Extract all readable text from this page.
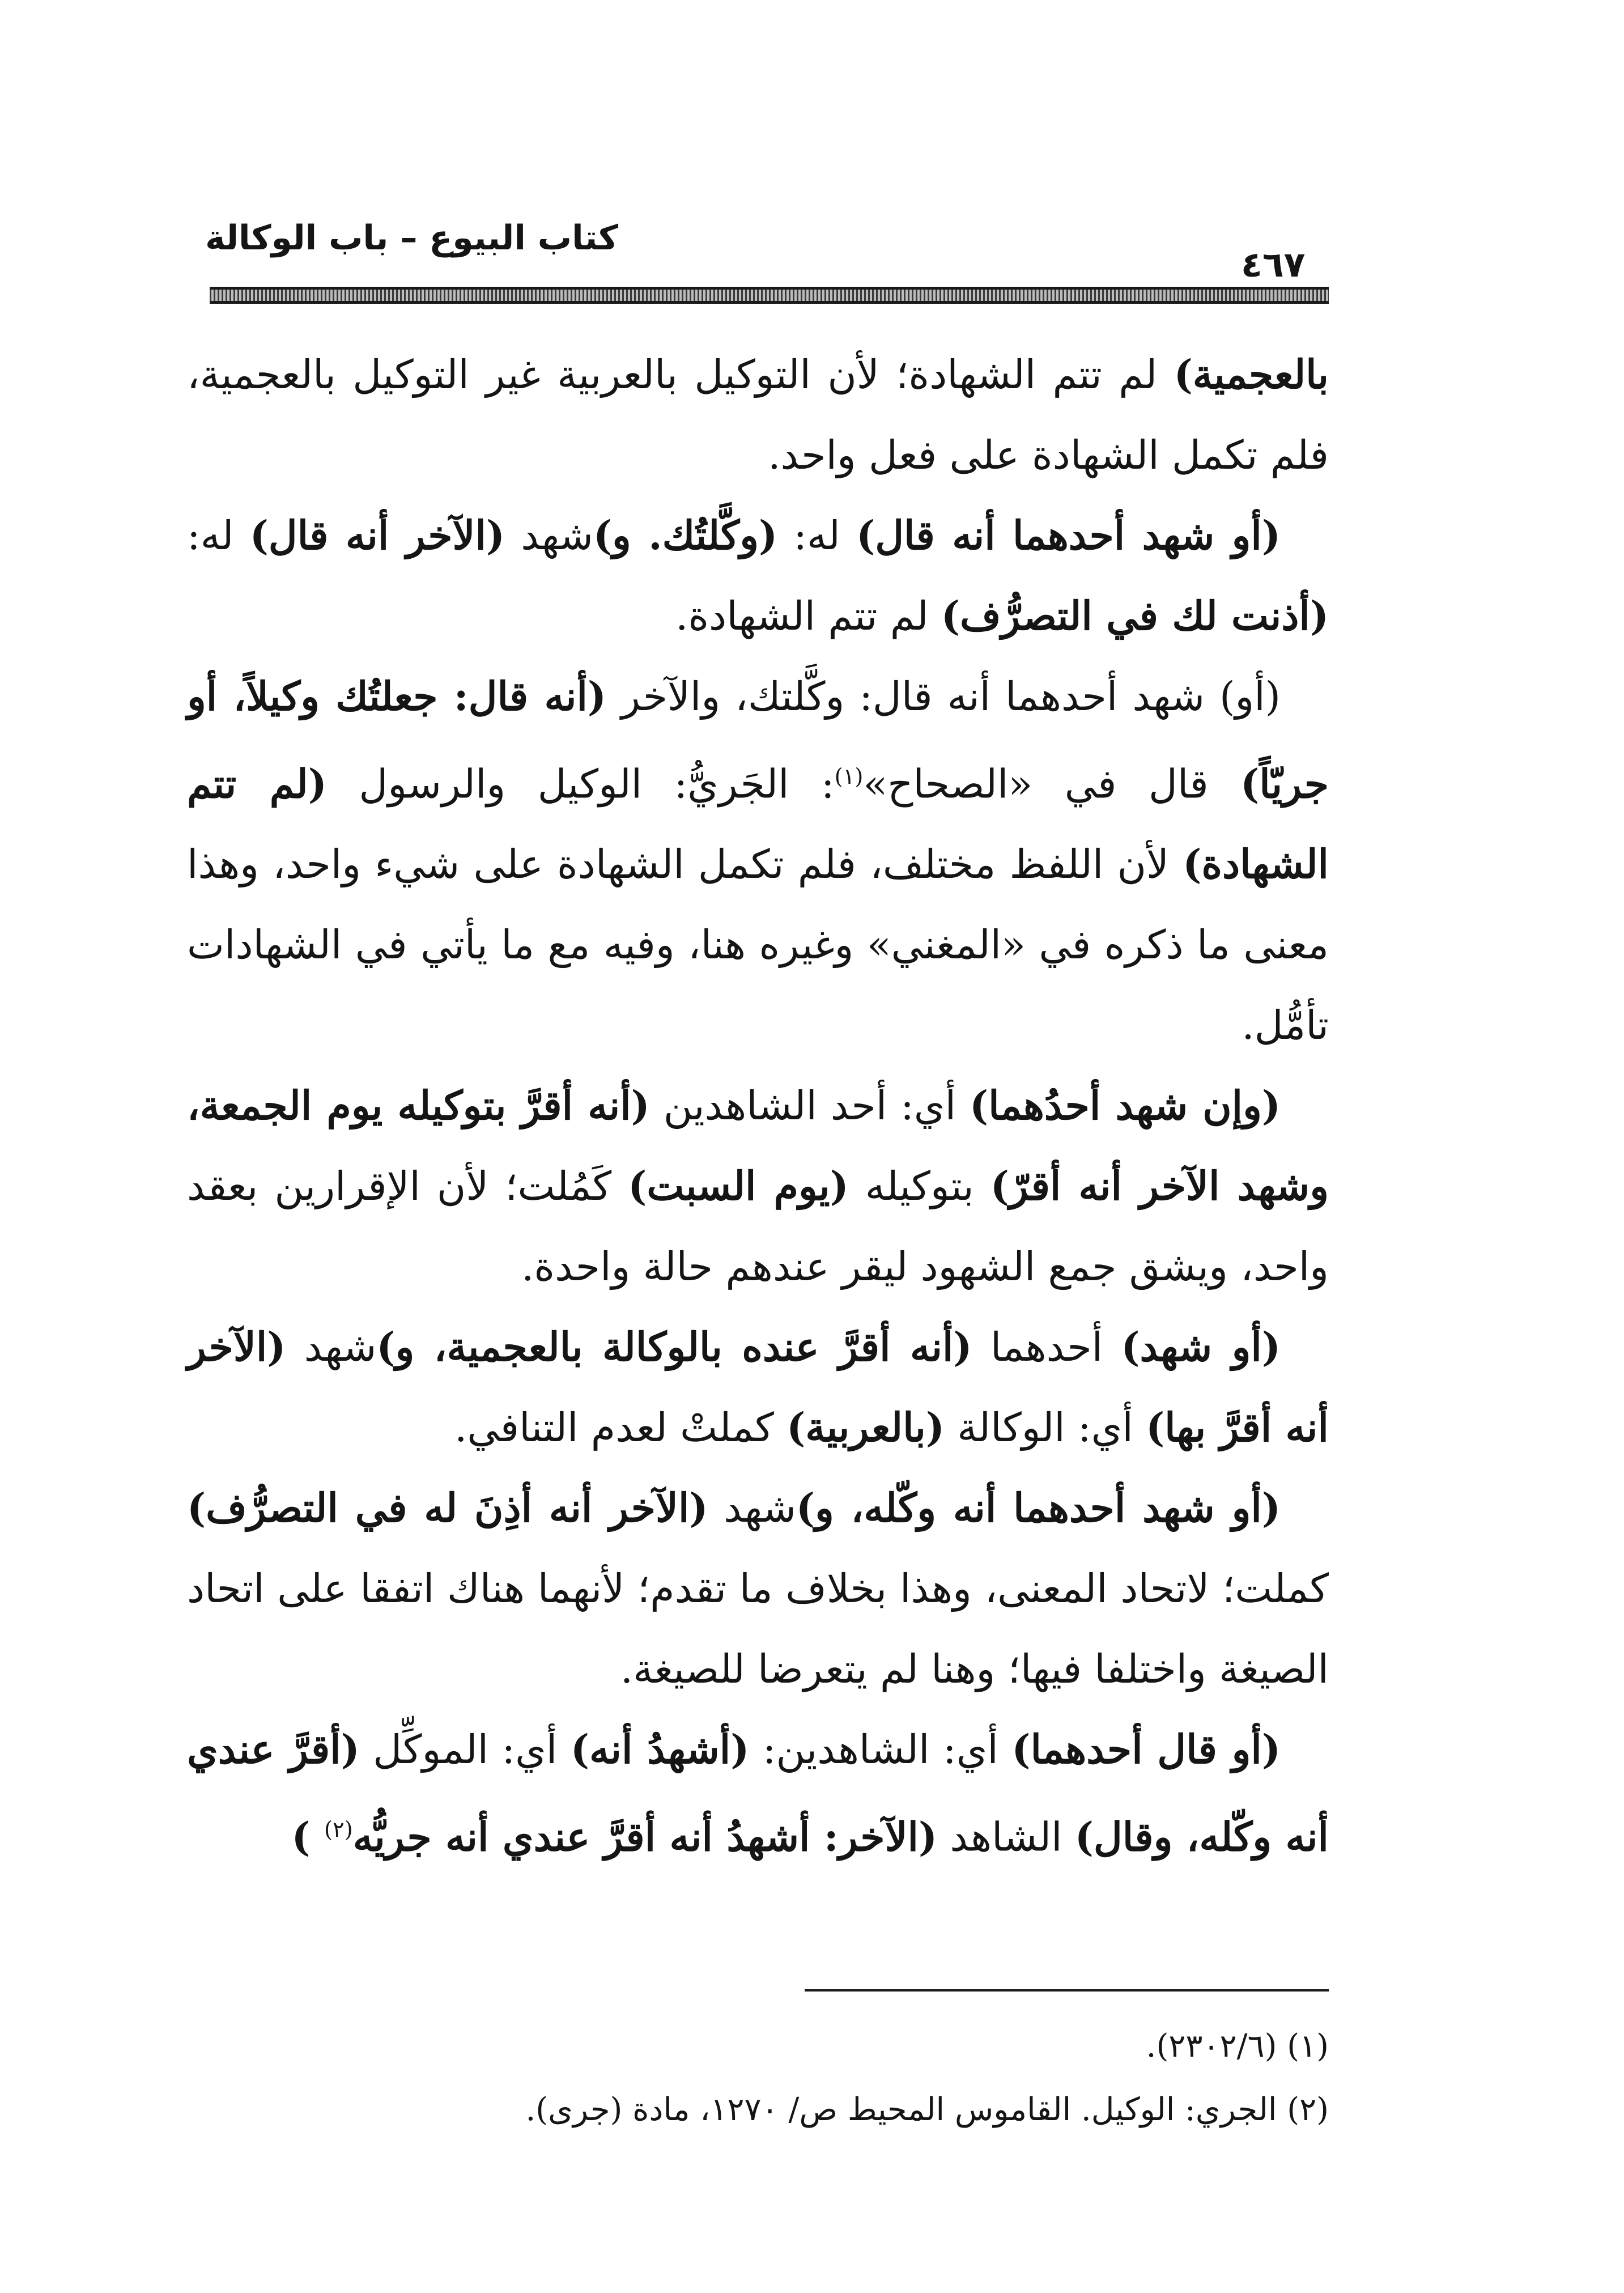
كتاب البيوع – باب الوكالة
٤٦٧

بالعجمية) لم تتم الشهادة؛ لأن التوكيل بالعربية غير التوكيل بالعجمية، فلم تكمل الشهادة على فعل واحد.

(أو شهد أحدهما أنه قال) له: (وكَّلتُك. و)شهد (الآخر أنه قال) له: (أذنت لك في التصرُّف) لم تتم الشهادة.

(أو) شهد أحدهما أنه قال: وكَّلتك، والآخر (أنه قال: جعلتُك وكيلاً، أو جريّاً) قال في «الصحاح»$^{(١)}$: الجَريُّ: الوكيل والرسول (لم تتم الشهادة) لأن اللفظ مختلف، فلم تكمل الشهادة على شيء واحد، وهذا معنى ما ذكره في «المغني» وغيره هنا، وفيه مع ما يأتي في الشهادات تأمُّل.

(وإن شهد أحدُهما) أي: أحد الشاهدين (أنه أقرَّ بتوكيله يوم الجمعة، وشهد الآخر أنه أقرّ) بتوكيله (يوم السبت) كَمُلت؛ لأن الإقرارين بعقد واحد، ويشق جمع الشهود ليقر عندهم حالة واحدة.

(أو شهد) أحدهما (أنه أقرَّ عنده بالوكالة بالعجمية، و)شهد (الآخر أنه أقرَّ بها) أي: الوكالة (بالعربية) كملتْ لعدم التنافي.

(أو شهد أحدهما أنه وكّله، و)شهد (الآخر أنه أذِنَ له في التصرُّف) كملت؛ لاتحاد المعنى، وهذا بخلاف ما تقدم؛ لأنهما هناك اتفقا على اتحاد الصيغة واختلفا فيها؛ وهنا لم يتعرضا للصيغة.

(أو قال أحدهما) أي: الشاهدين: (أشهدُ أنه) أي: الموكِّل (أقرَّ عندي أنه وكّله، وقال) الشاهد (الآخر: أشهدُ أنه أقرَّ عندي أنه جريُّه$^{(٢)}$ )

(١) (٢٣٠٢/٦).

(٢) الجري: الوكيل. القاموس المحيط ص/ ١٢٧٠، مادة (جرى).
